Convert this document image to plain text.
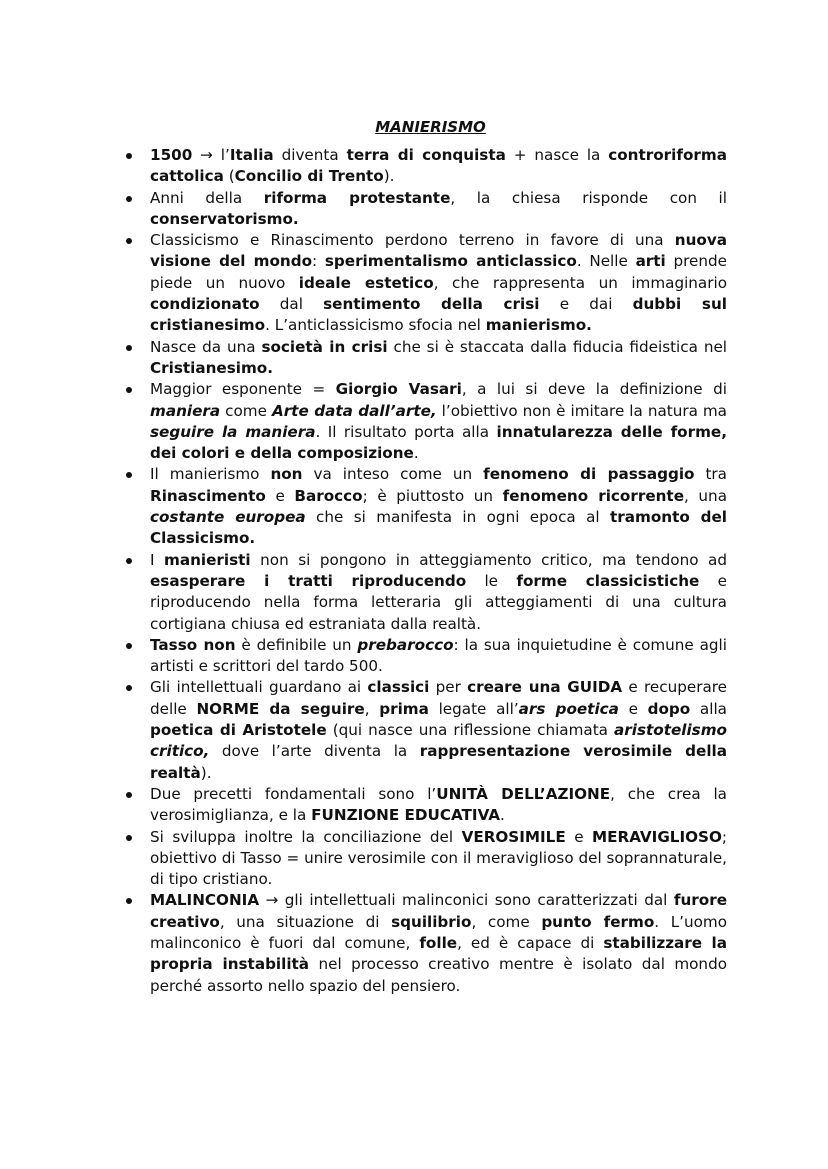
MANIERISMO
1500 → l’Italia diventa terra di conquista + nasce la controriforma cattolica (Concilio di Trento).
Anni della riforma protestante, la chiesa risponde con il conservatorismo.
Classicismo e Rinascimento perdono terreno in favore di una nuova visione del mondo: sperimentalismo anticlassico. Nelle arti prende piede un nuovo ideale estetico, che rappresenta un immaginario condizionato dal sentimento della crisi e dai dubbi sul cristianesimo. L’anticlassicismo sfocia nel manierismo.
Nasce da una società in crisi che si è staccata dalla fiducia fideistica nel Cristianesimo.
Maggior esponente = Giorgio Vasari, a lui si deve la definizione di maniera come Arte data dall’arte, l’obiettivo non è imitare la natura ma seguire la maniera. Il risultato porta alla innatularezza delle forme, dei colori e della composizione.
Il manierismo non va inteso come un fenomeno di passaggio tra Rinascimento e Barocco; è piuttosto un fenomeno ricorrente, una costante europea che si manifesta in ogni epoca al tramonto del Classicismo.
I manieristi non si pongono in atteggiamento critico, ma tendono ad esasperare i tratti riproducendo le forme classicistiche e riproducendo nella forma letteraria gli atteggiamenti di una cultura cortigiana chiusa ed estraniata dalla realtà.
Tasso non è definibile un prebarocco: la sua inquietudine è comune agli artisti e scrittori del tardo 500.
Gli intellettuali guardano ai classici per creare una GUIDA e recuperare delle NORME da seguire, prima legate all’ars poetica e dopo alla poetica di Aristotele (qui nasce una riflessione chiamata aristotelismo critico, dove l’arte diventa la rappresentazione verosimile della realtà).
Due precetti fondamentali sono l’UNITÀ DELL’AZIONE, che crea la verosimiglianza, e la FUNZIONE EDUCATIVA.
Si sviluppa inoltre la conciliazione del VEROSIMILE e MERAVIGLIOSO; obiettivo di Tasso = unire verosimile con il meraviglioso del soprannaturale, di tipo cristiano.
MALINCONIA → gli intellettuali malinconici sono caratterizzati dal furore creativo, una situazione di squilibrio, come punto fermo. L’uomo malinconico è fuori dal comune, folle, ed è capace di stabilizzare la propria instabilità nel processo creativo mentre è isolato dal mondo perché assorto nello spazio del pensiero.
